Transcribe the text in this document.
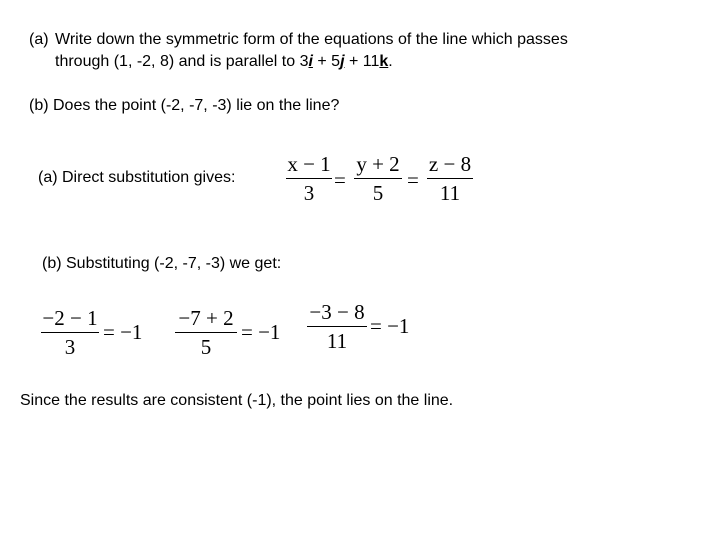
(a) Write down the symmetric form of the equations of the line which passes
through (1, -2, 8) and is parallel to 3i + 5j + 11k.
(b) Does the point (-2, -7, -3) lie on the line?
(a) Direct substitution gives:
x − 1
3
=
y + 2
5
=
z − 8
11
(b) Substituting (-2, -7, -3) we get:
−2 − 1
3
= −1
−7 + 2
5
= −1
−3 − 8
11
= −1
Since the results are consistent (-1), the point lies on the line.
